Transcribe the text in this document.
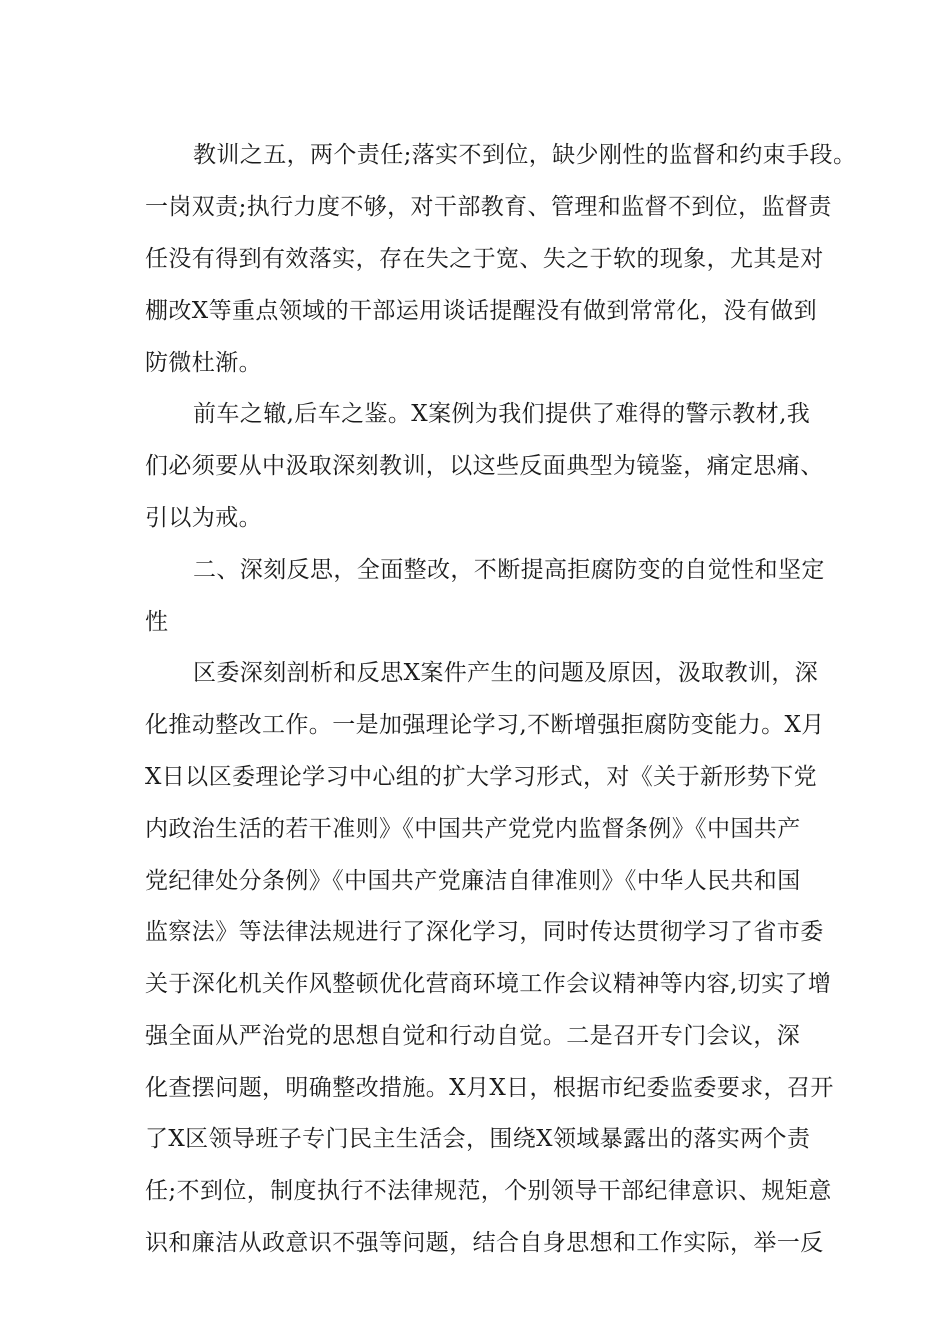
教训之五，两个责任;落实不到位，缺少刚性的监督和约束手段。
一岗双责;执行力度不够，对干部教育、管理和监督不到位，监督责
任没有得到有效落实，存在失之于宽、失之于软的现象，尤其是对
棚改X等重点领域的干部运用谈话提醒没有做到常常化，没有做到
防微杜渐。
前车之辙,后车之鉴。X案例为我们提供了难得的警示教材,我
们必须要从中汲取深刻教训，以这些反面典型为镜鉴，痛定思痛、
引以为戒。
二、深刻反思，全面整改，不断提高拒腐防变的自觉性和坚定
性
区委深刻剖析和反思X案件产生的问题及原因，汲取教训，深
化推动整改工作。一是加强理论学习,不断增强拒腐防变能力。X月
X日以区委理论学习中心组的扩大学习形式，对《关于新形势下党
内政治生活的若干准则》《中国共产党党内监督条例》《中国共产
党纪律处分条例》《中国共产党廉洁自律准则》《中华人民共和国
监察法》等法律法规进行了深化学习，同时传达贯彻学习了省市委
关于深化机关作风整顿优化营商环境工作会议精神等内容,切实了增
强全面从严治党的思想自觉和行动自觉。二是召开专门会议，深
化查摆问题，明确整改措施。X月X日，根据市纪委监委要求，召开
了X区领导班子专门民主生活会，围绕X领域暴露出的落实两个责
任;不到位，制度执行不法律规范，个别领导干部纪律意识、规矩意
识和廉洁从政意识不强等问题，结合自身思想和工作实际，举一反
